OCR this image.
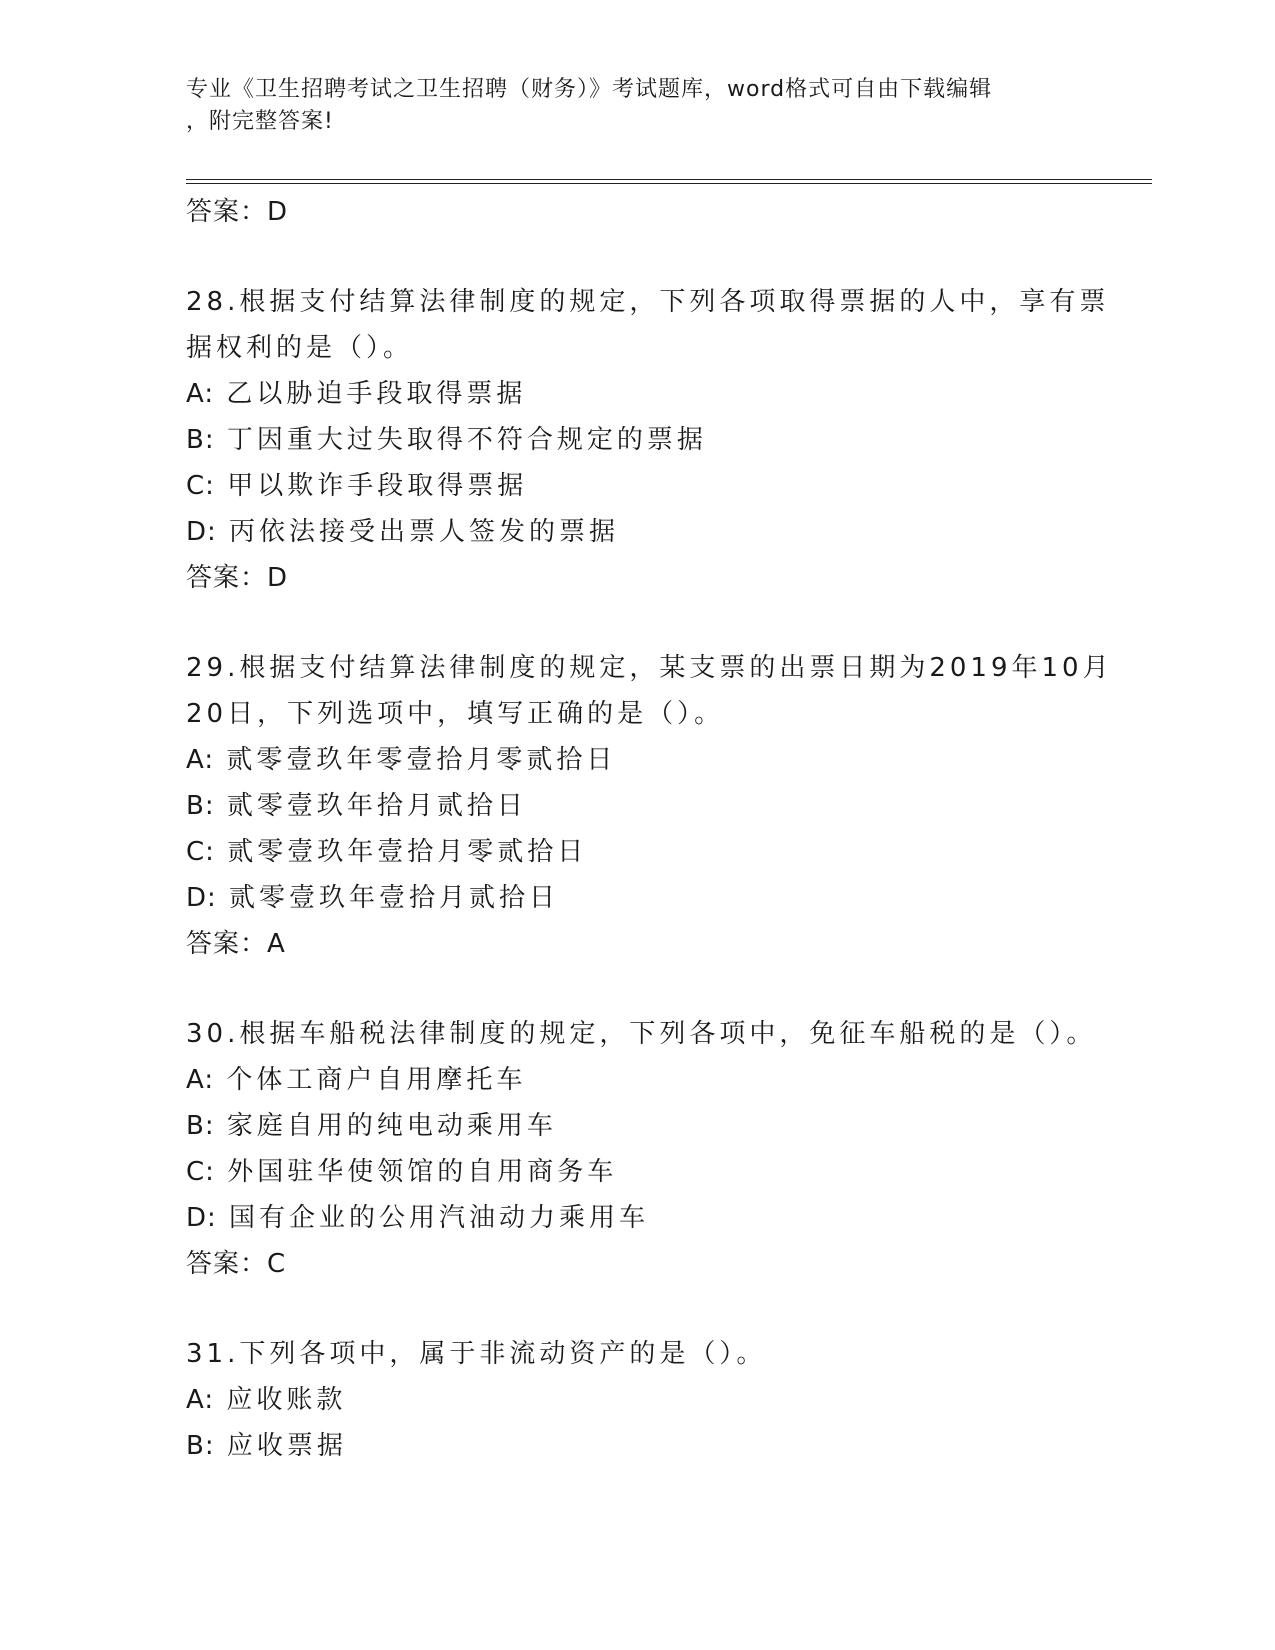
专业《卫生招聘考试之卫生招聘（财务）》考试题库，word格式可自由下载编辑
，附完整答案!
答案：D
28.根据支付结算法律制度的规定，下列各项取得票据的人中，享有票
据权利的是（）。
A: 乙以胁迫手段取得票据
B: 丁因重大过失取得不符合规定的票据
C: 甲以欺诈手段取得票据
D: 丙依法接受出票人签发的票据
答案：D
29.根据支付结算法律制度的规定，某支票的出票日期为2019年10月
20日，下列选项中，填写正确的是（）。
A: 贰零壹玖年零壹拾月零贰拾日
B: 贰零壹玖年拾月贰拾日
C: 贰零壹玖年壹拾月零贰拾日
D: 贰零壹玖年壹拾月贰拾日
答案：A
30.根据车船税法律制度的规定，下列各项中，免征车船税的是（）。
A: 个体工商户自用摩托车
B: 家庭自用的纯电动乘用车
C: 外国驻华使领馆的自用商务车
D: 国有企业的公用汽油动力乘用车
答案：C
31.下列各项中，属于非流动资产的是（）。
A: 应收账款
B: 应收票据
